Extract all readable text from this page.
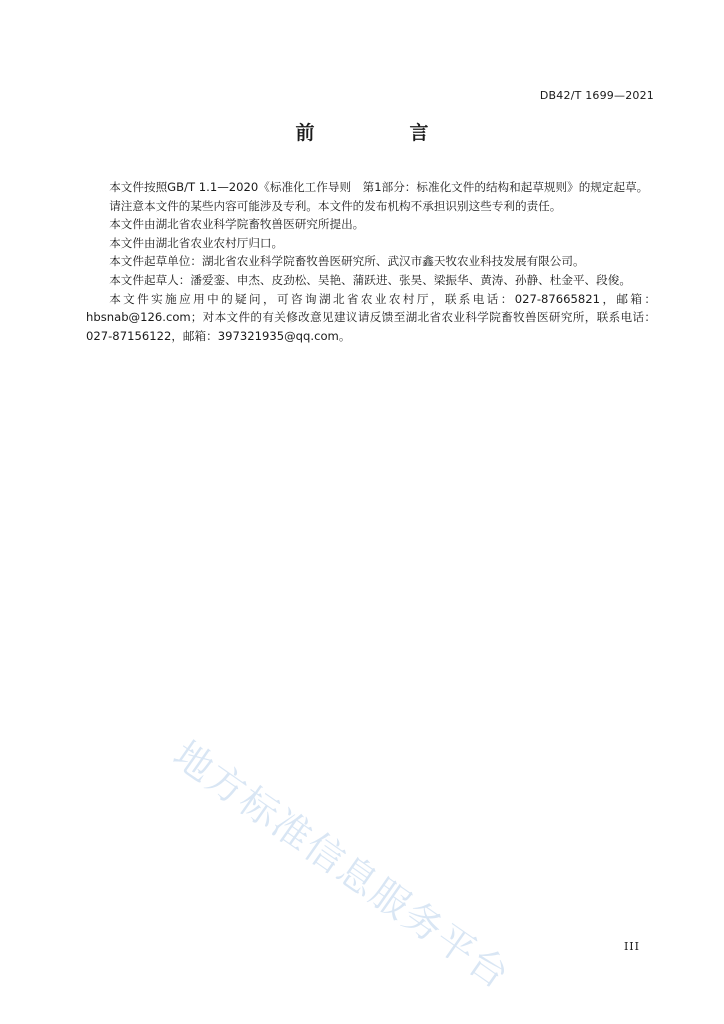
DB42/T 1699—2021
前　言

本文件按照GB/T 1.1—2020《标准化工作导则　第1部分：标准化文件的结构和起草规则》的规定起草。

请注意本文件的某些内容可能涉及专利。本文件的发布机构不承担识别这些专利的责任。

本文件由湖北省农业科学院畜牧兽医研究所提出。

本文件由湖北省农业农村厅归口。

本文件起草单位：湖北省农业科学院畜牧兽医研究所、武汉市鑫天牧农业科技发展有限公司。

本文件起草人：潘爱銮、申杰、皮劲松、吴艳、蒲跃进、张昊、梁振华、黄涛、孙静、杜金平、段俊。

本文件实施应用中的疑问，可咨询湖北省农业农村厅，联系电话：027-87665821，邮箱：hbsnab@126.com；对本文件的有关修改意见建议请反馈至湖北省农业科学院畜牧兽医研究所，联系电话：027-87156122，邮箱：397321935@qq.com。

地方标准信息服务平台	III
